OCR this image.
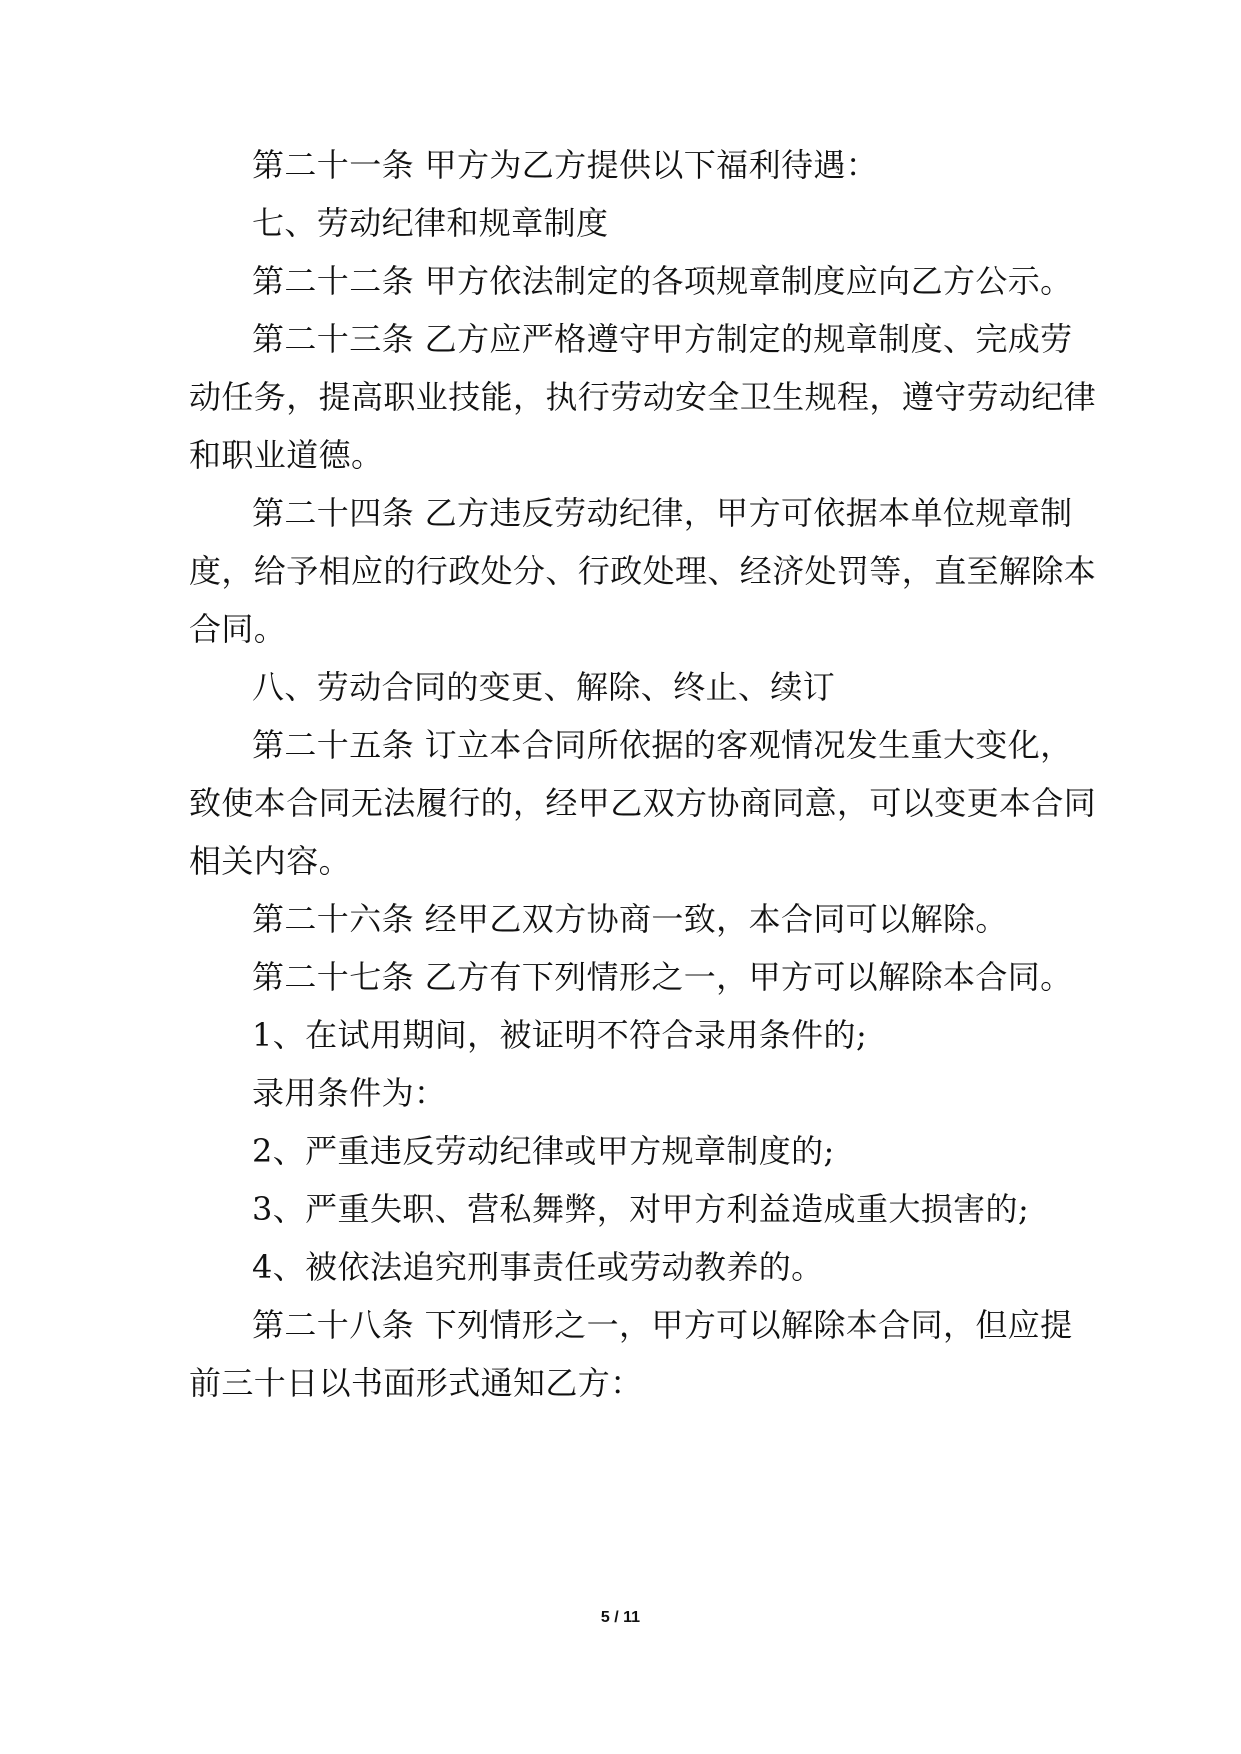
第二十一条 甲方为乙方提供以下福利待遇：

七、劳动纪律和规章制度

第二十二条 甲方依法制定的各项规章制度应向乙方公示。

第二十三条 乙方应严格遵守甲方制定的规章制度、完成劳

动任务，提高职业技能，执行劳动安全卫生规程，遵守劳动纪律

和职业道德。

第二十四条 乙方违反劳动纪律，甲方可依据本单位规章制

度，给予相应的行政处分、行政处理、经济处罚等，直至解除本

合同。

八、劳动合同的变更、解除、终止、续订

第二十五条 订立本合同所依据的客观情况发生重大变化，

致使本合同无法履行的，经甲乙双方协商同意，可以变更本合同

相关内容。

第二十六条 经甲乙双方协商一致，本合同可以解除。

第二十七条 乙方有下列情形之一，甲方可以解除本合同。

1、在试用期间，被证明不符合录用条件的;

录用条件为：

2、严重违反劳动纪律或甲方规章制度的;

3、严重失职、营私舞弊，对甲方利益造成重大损害的;

4、被依法追究刑事责任或劳动教养的。

第二十八条 下列情形之一，甲方可以解除本合同，但应提

前三十日以书面形式通知乙方：

5 / 11
